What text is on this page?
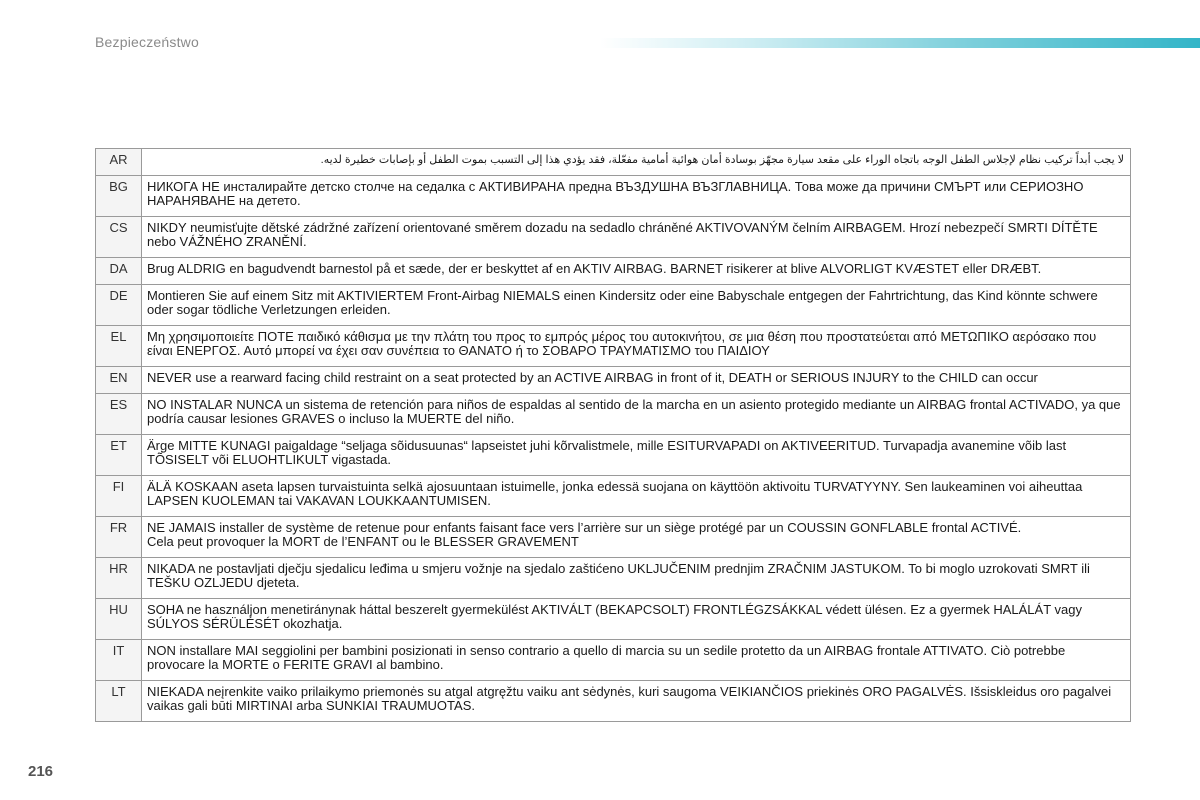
Bezpieczeństwo
AR	لا يجب أبداً تركيب نظام لإجلاس الطفل الوجه باتجاه الوراء على مقعد سيارة مجهّز بوسادة أمان هوائية أمامية مفعّلة، فقد يؤدي هذا إلى التسبب بموت الطفل أو بإصابات خطيرة لديه.
BG	НИКОГА НЕ инсталирайте детско столче на седалка с АКТИВИРАНА предна ВЪЗДУШНА ВЪЗГЛАВНИЦА. Това може да причини СМЪРТ или СЕРИОЗНО НАРАНЯВАНЕ на детето.
CS	NIKDY neumisťujte dětské zádržné zařízení orientované směrem dozadu na sedadlo chráněné AKTIVOVANÝM čelním AIRBAGEM. Hrozí nebezpečí SMRTI DÍTĚTE nebo VÁŽNÉHO ZRANĚNÍ.
DA	Brug ALDRIG en bagudvendt barnestol på et sæde, der er beskyttet af en AKTIV AIRBAG. BARNET risikerer at blive ALVORLIGT KVÆSTET eller DRÆBT.
DE	Montieren Sie auf einem Sitz mit AKTIVIERTEM Front-Airbag NIEMALS einen Kindersitz oder eine Babyschale entgegen der Fahrtrichtung, das Kind könnte schwere oder sogar tödliche Verletzungen erleiden.
EL	Μη χρησιμοποιείτε ΠΟΤΕ παιδικό κάθισμα με την πλάτη του προς το εμπρός μέρος του αυτοκινήτου, σε μια θέση που προστατεύεται από ΜΕΤΩΠΙΚΟ αερόσακο που είναι ΕΝΕΡΓΟΣ. Αυτό μπορεί να έχει σαν συνέπεια το ΘΑΝΑΤΟ ή το ΣΟΒΑΡΟ ΤΡΑΥΜΑΤΙΣΜΟ του ΠΑΙΔΙΟΥ
EN	NEVER use a rearward facing child restraint on a seat protected by an ACTIVE AIRBAG in front of it, DEATH or SERIOUS INJURY to the CHILD can occur
ES	NO INSTALAR NUNCA un sistema de retención para niños de espaldas al sentido de la marcha en un asiento protegido mediante un AIRBAG frontal ACTIVADO, ya que podría causar lesiones GRAVES o incluso la MUERTE del niño.
ET	Ärge MITTE KUNAGI paigaldage “seljaga sõidusuunas“ lapseistet juhi kõrvalistmele, mille ESITURVAPADI on AKTIVEERITUD. Turvapadja avanemine võib last TÕSISELT või ELUOHTLIKULT vigastada.
FI	ÄLÄ KOSKAAN aseta lapsen turvaistuinta selkä ajosuuntaan istuimelle, jonka edessä suojana on käyttöön aktivoitu TURVATYYNY. Sen laukeaminen voi aiheuttaa LAPSEN KUOLEMAN tai VAKAVAN LOUKKAANTUMISEN.
FR	NE JAMAIS installer de système de retenue pour enfants faisant face vers l’arrière sur un siège protégé par un COUSSIN GONFLABLE frontal ACTIVÉ.
Cela peut provoquer la MORT de l’ENFANT ou le BLESSER GRAVEMENT
HR	NIKADA ne postavljati dječju sjedalicu leđima u smjeru vožnje na sjedalo zaštićeno UKLJUČENIM prednjim ZRAČNIM JASTUKOM. To bi moglo uzrokovati SMRT ili TEŠKU OZLJEDU djeteta.
HU	SOHA ne használjon menetiránynak háttal beszerelt gyermekülést AKTIVÁLT (BEKAPCSOLT) FRONTLÉGZSÁKKAL védett ülésen. Ez a gyermek HALÁLÁT vagy SÚLYOS SÉRÜLÉSÉT okozhatja.
IT	NON installare MAI seggiolini per bambini posizionati in senso contrario a quello di marcia su un sedile protetto da un AIRBAG frontale ATTIVATO. Ciò potrebbe provocare la MORTE o FERITE GRAVI al bambino.
LT	NIEKADA neįrenkite vaiko prilaikymo priemonės su atgal atgręžtu vaiku ant sėdynės, kuri saugoma VEIKIANČIOS priekinės ORO PAGALVĖS. Išsiskleidus oro pagalvei vaikas gali būti MIRTINAI arba SUNKIAI TRAUMUOTAS.
216
